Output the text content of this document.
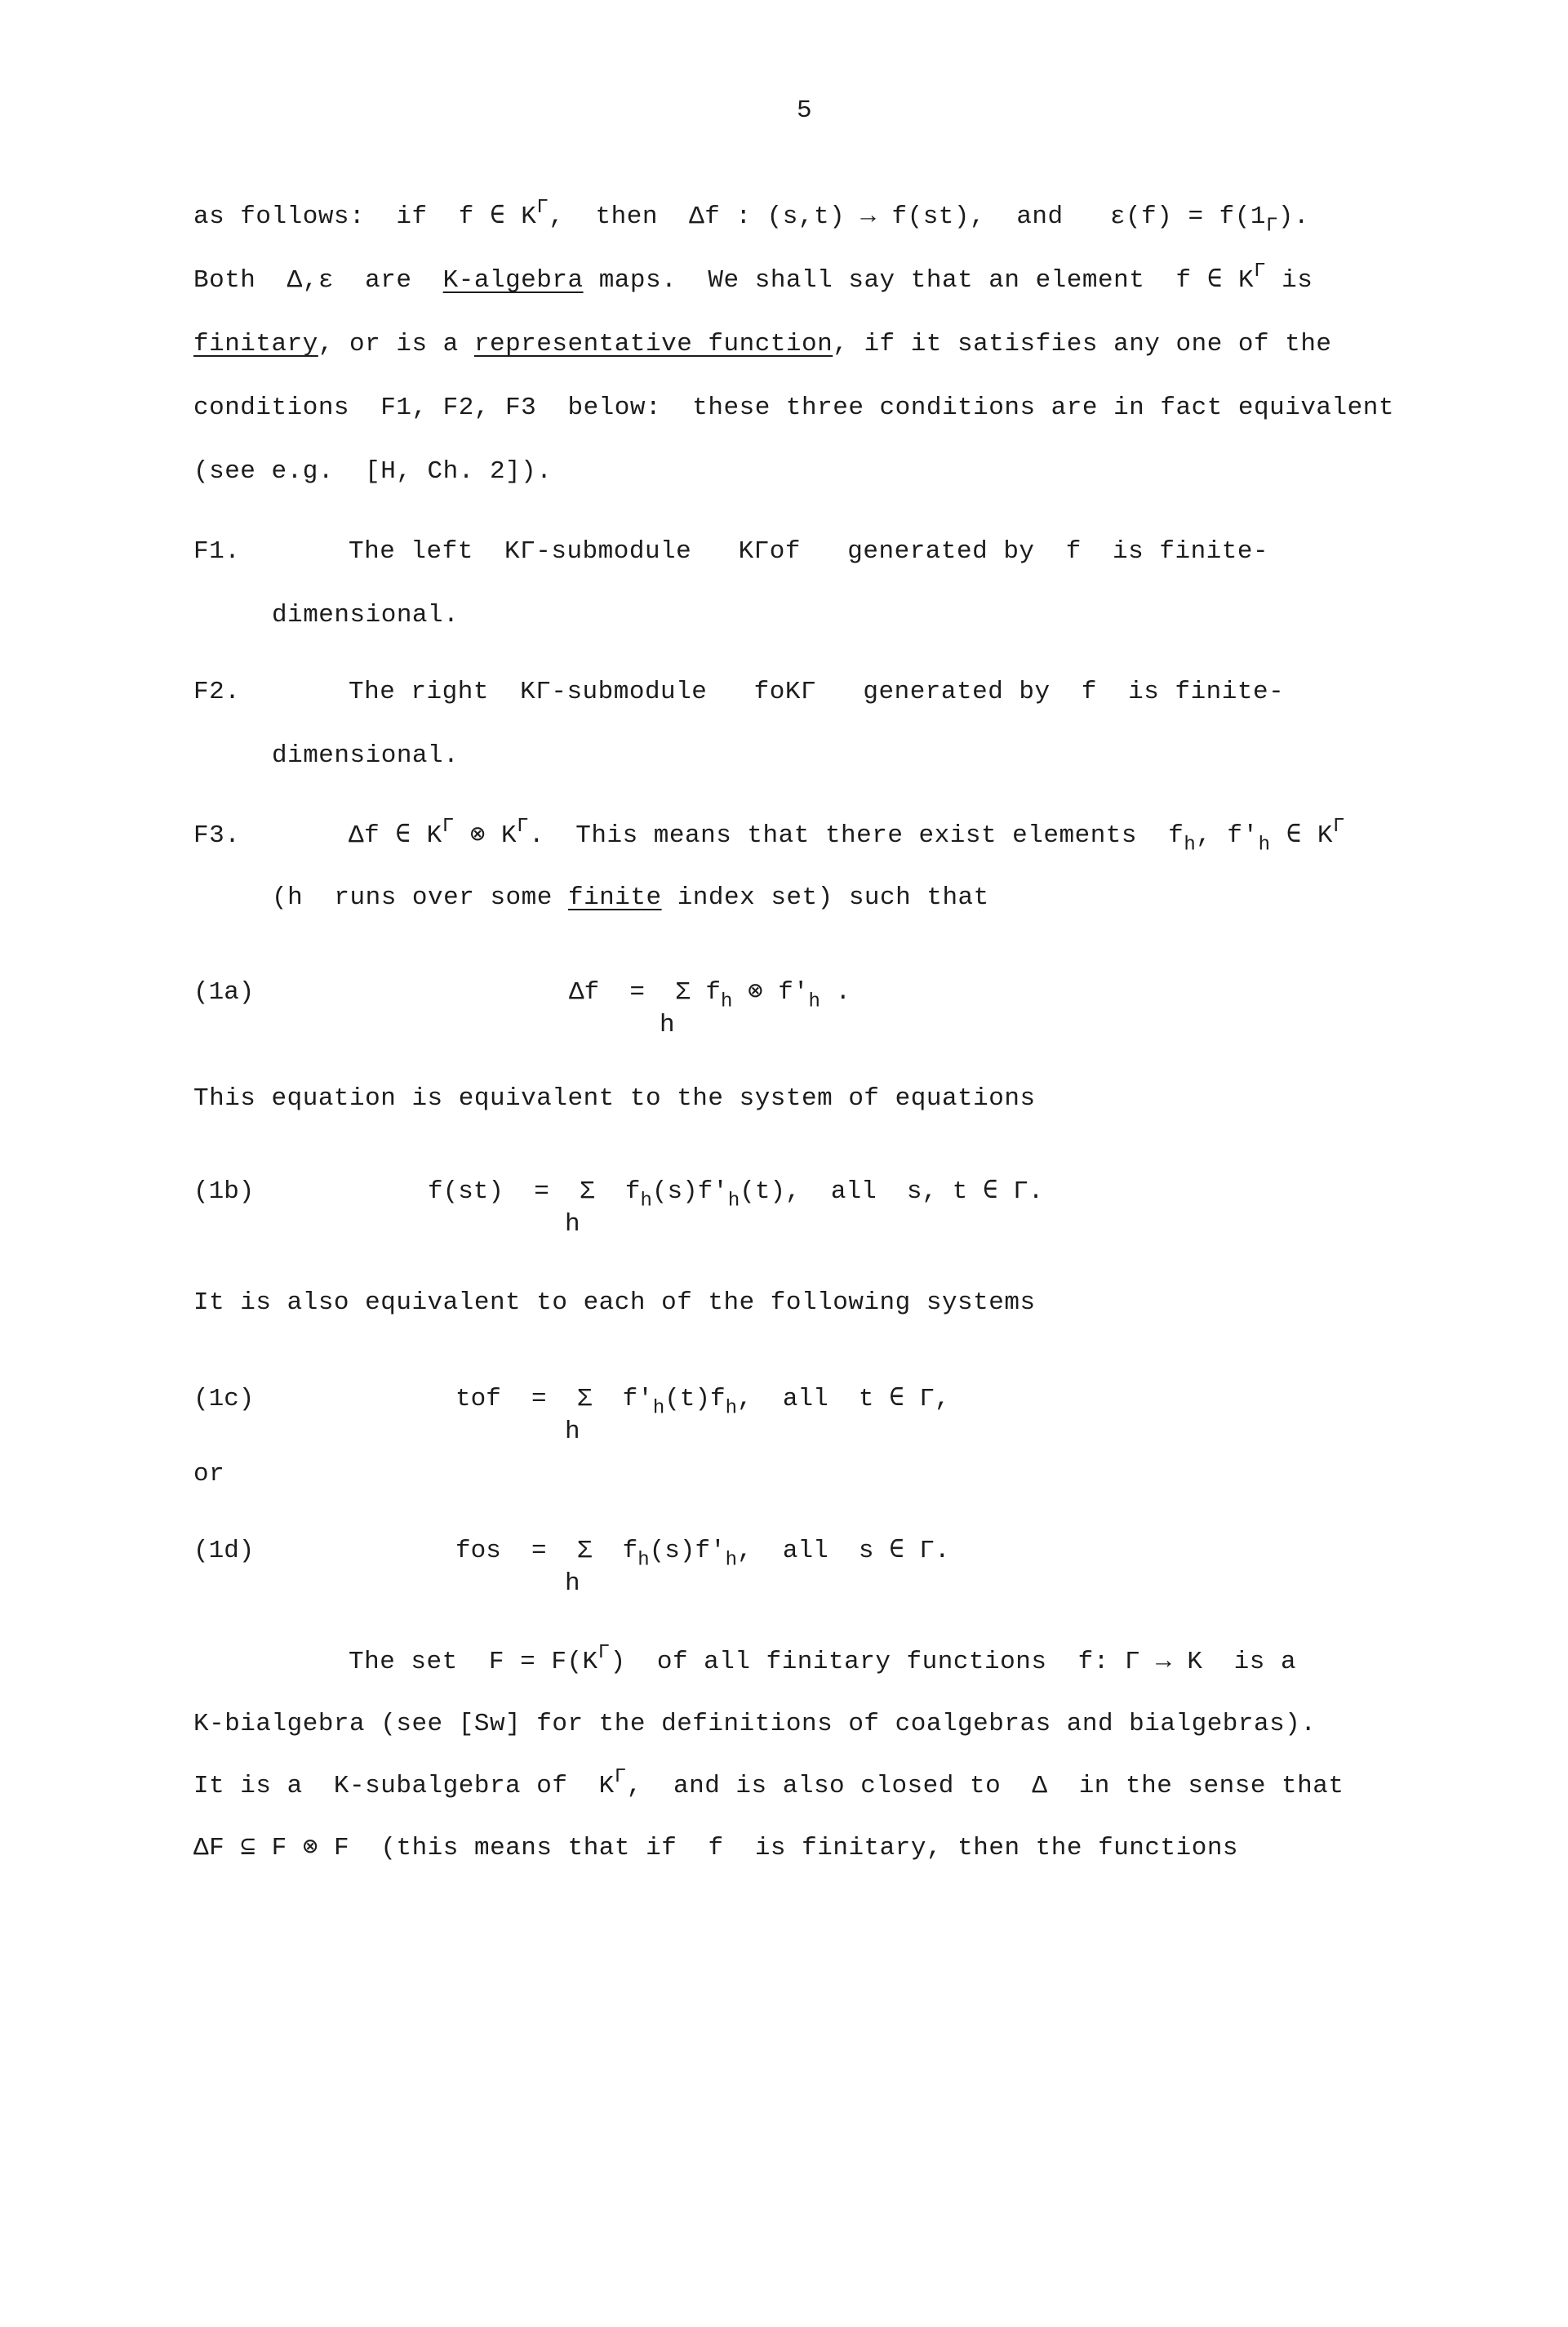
5
as follows:  if  f ∈ $K^\Gamma$,  then  Δf : (s,t) → f(st),  and   $\varepsilon(f) = f(1_\Gamma)$.
Both  Δ,ε  are  K-algebra maps.  We shall say that an element  f ∈ $K^\Gamma$ is
finitary, or is a representative function, if it satisfies any one of the
conditions  F1, F2, F3  below:  these three conditions are in fact equivalent
(see e.g.  [H, Ch. 2]).
F1.	The left  KΓ-submodule   KΓof   generated by  f  is finite-
dimensional.
F2.	The right  KΓ-submodule   foKΓ   generated by  f  is finite-
dimensional.
F3.	Δf ∈ $K^\Gamma$ ⊗ $K^\Gamma$.  This means that there exist elements  $f_h$, $f'_h$ ∈ $K^\Gamma$
(h  runs over some finite index set) such that
(1a)	Δf  =  Σ $f_h$ ⊗ $f'_h$ .
h
This equation is equivalent to the system of equations
(1b)	f(st)  =  Σ  $f_h(s)f'_h(t)$,  all  s, t ∈ Γ.
h
It is also equivalent to each of the following systems
(1c)	tof  =  Σ  $f'_h(t)f_h$,  all  t ∈ Γ,
h
or
(1d)	fos  =  Σ  $f_h(s)f'_h$,  all  s ∈ Γ.
h
The set  $F = F(K^\Gamma)$  of all finitary functions  f: Γ → K  is a
K-bialgebra (see [Sw] for the definitions of coalgebras and bialgebras).
It is a  K-subalgebra of  $K^\Gamma$,  and is also closed to  Δ  in the sense that
ΔF ⊆ F ⊗ F  (this means that if  f  is finitary, then the functions
